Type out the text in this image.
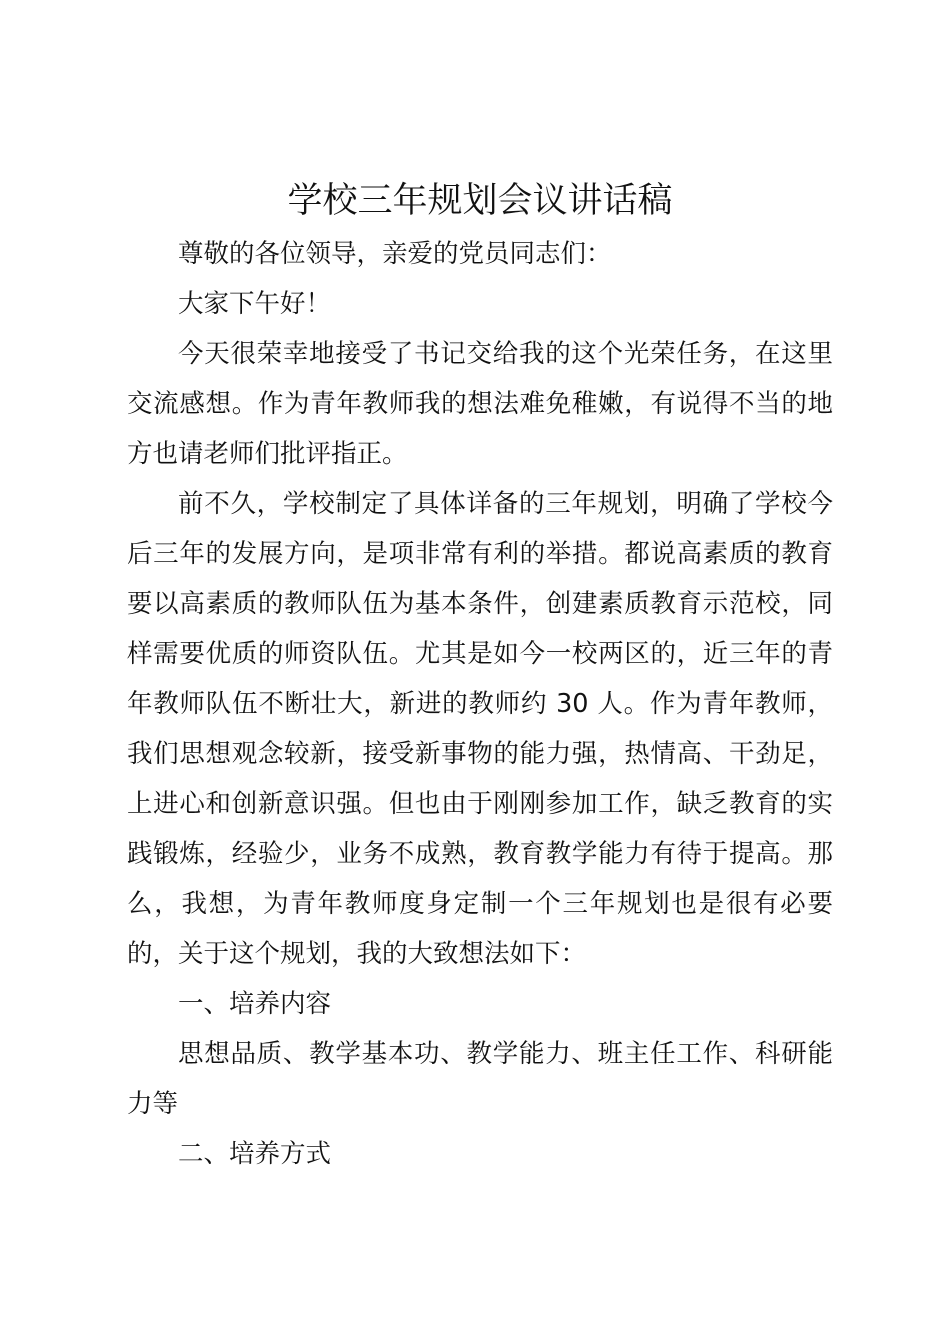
学校三年规划会议讲话稿

尊敬的各位领导，亲爱的党员同志们：

大家下午好！

今天很荣幸地接受了书记交给我的这个光荣任务，在这里交流感想。作为青年教师我的想法难免稚嫩，有说得不当的地方也请老师们批评指正。

前不久，学校制定了具体详备的三年规划，明确了学校今后三年的发展方向，是项非常有利的举措。都说高素质的教育要以高素质的教师队伍为基本条件，创建素质教育示范校，同样需要优质的师资队伍。尤其是如今一校两区的，近三年的青年教师队伍不断壮大，新进的教师约 30 人。作为青年教师，我们思想观念较新，接受新事物的能力强，热情高、干劲足，上进心和创新意识强。但也由于刚刚参加工作，缺乏教育的实践锻炼，经验少，业务不成熟，教育教学能力有待于提高。那么，我想，为青年教师度身定制一个三年规划也是很有必要的，关于这个规划，我的大致想法如下：

一、培养内容

思想品质、教学基本功、教学能力、班主任工作、科研能力等

二、培养方式
